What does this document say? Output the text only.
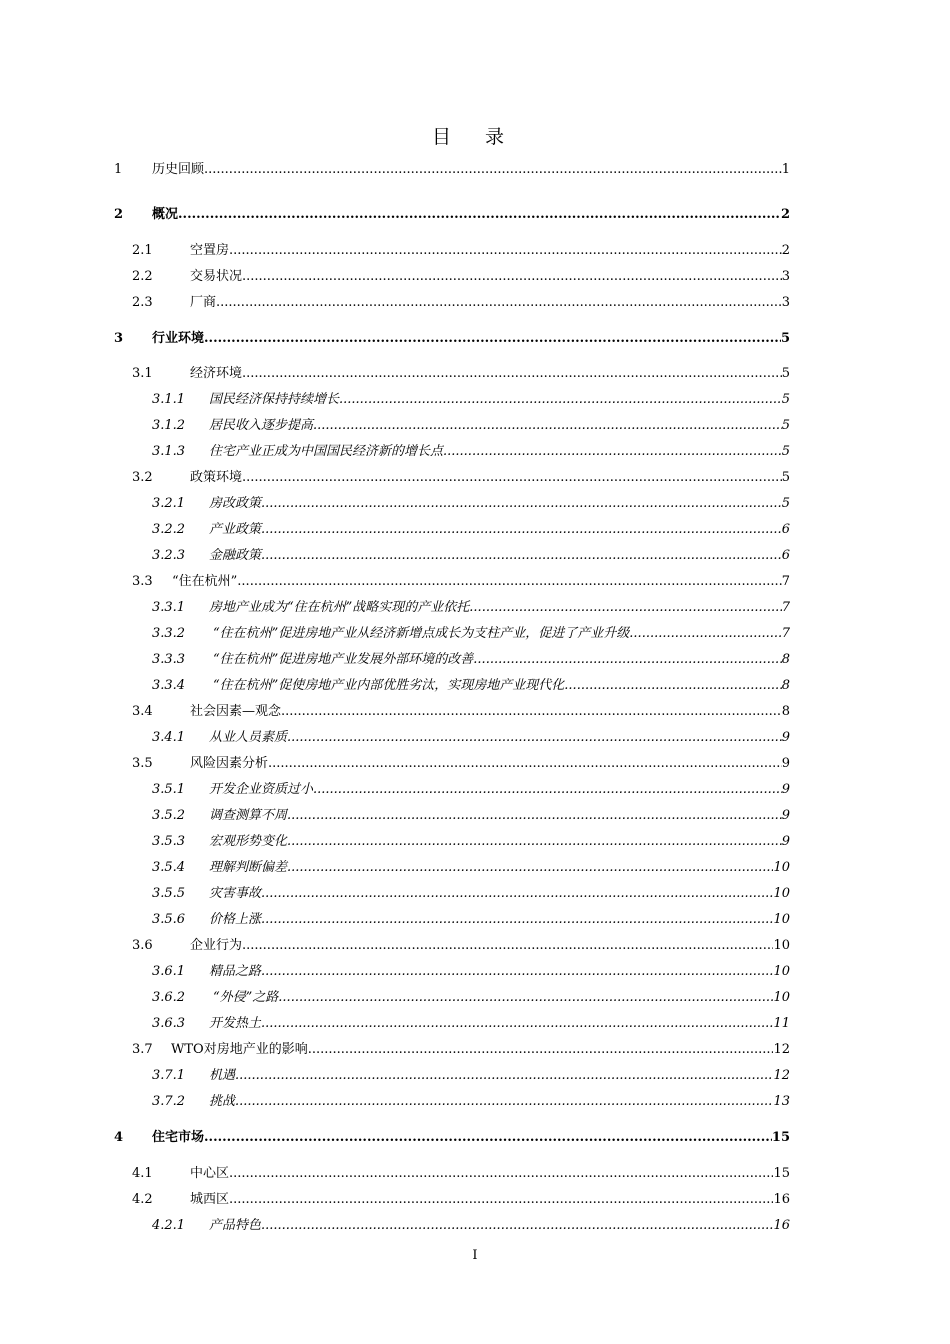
目 录
1 历史回顾 .....	1
2 概况 .....	2
2.1	空置房 .....	2
2.2	交易状况 .....	3
2.3	厂商 .....	3
3 行业环境 .....	5
3.1	经济环境 .....	5
3.1.1 国民经济保持持续增长 .....	5
3.1.2 居民收入逐步提高 .....	5
3.1.3 住宅产业正成为中国国民经济新的增长点 .....	5
3.2	政策环境 .....	5
3.2.1 房改政策 .....	5
3.2.2 产业政策 .....	6
3.2.3 金融政策 .....	6
3.3 “住在杭州” .....	7
3.3.1 房地产业成为“住在杭州”战略实现的产业依托 .....	7
3.3.2 “住在杭州”促进房地产业从经济新增点成长为支柱产业，促进了产业升级 .....	7
3.3.3 “住在杭州”促进房地产业发展外部环境的改善 .....	8
3.3.4 “住在杭州”促使房地产业内部优胜劣汰，实现房地产业现代化 .....	8
3.4	社会因素—观念 .....	8
3.4.1 从业人员素质 .....	9
3.5	风险因素分析 .....	9
3.5.1 开发企业资质过小 .....	9
3.5.2 调查测算不周 .....	9
3.5.3 宏观形势变化 .....	9
3.5.4 理解判断偏差 .....	10
3.5.5 灾害事故 .....	10
3.5.6 价格上涨 .....	10
3.6	企业行为 .....	10
3.6.1 精品之路 .....	10
3.6.2 “外侵”之路 .....	10
3.6.3 开发热土 .....	11
3.7 WTO对房地产业的影响 .....	12
3.7.1 机遇 .....	12
3.7.2 挑战 .....	13
4 住宅市场 .....	15
4.1	中心区 .....	15
4.2	城西区 .....	16
4.2.1 产品特色 .....	16
I
